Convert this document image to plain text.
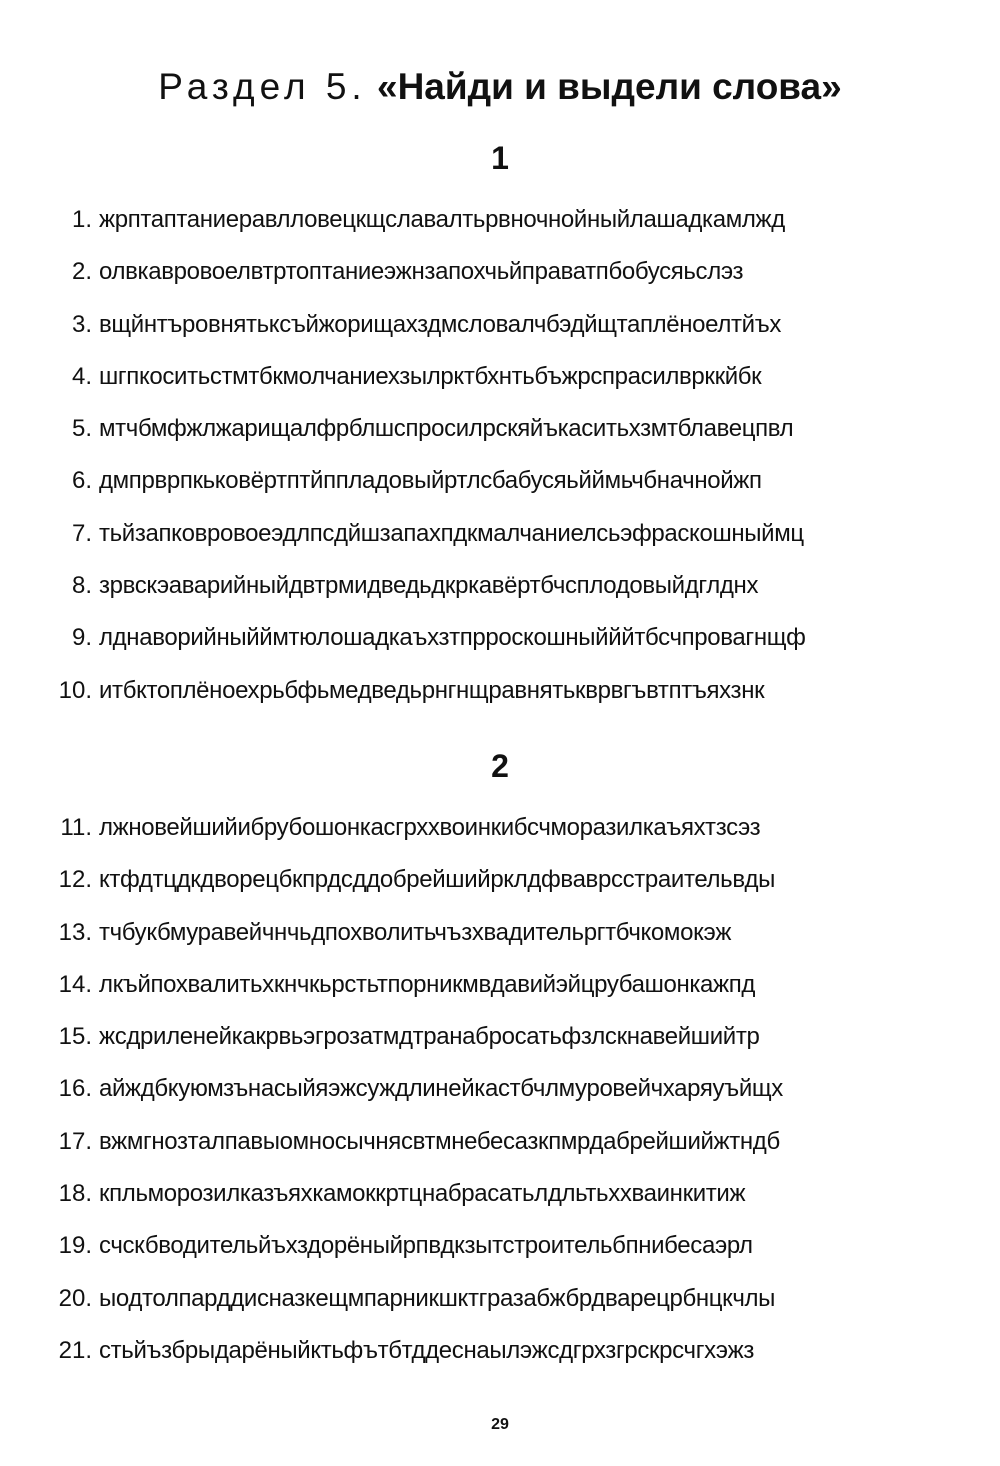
Раздел 5. «Найди и выдели слова»
1
1. жрптаптаниеравлловецкщславалтьрвночнойныйлашадкамлжд
2. олвкавровоелвтртоптаниеэжнзапохчьйправатпбобусяьслэз
3. вщйнтъровнятьксъйжорищахздмсловалчбэдйщтаплёноелтйъх
4. шгпкоситьстмтбкмолчаниехзылрктбхнтьбъжрспрасилврккйбк
5. мтчбмфжлжарищалфрблшспросилрскяйъкаситьхзмтблавецпвл
6. дмпрврпкьковёртптйппладовыйртлсбабусяьйймьчбначнойжп
7. тьйзапковровоеэдлпсдйшзапахпдкмалчаниелсьэфраскошныймц
8. зрвскэаварийныйдвтрмидведьдкркавёртбчсплодовыйдглднх
9. лднаворийныйймтюлошадкаъхзтпрроскошныйййтбсчпровагнщф
10. итбктоплёноехрьбфьмедведьрнгнщравнятькврвгъвтптъяхзнк
2
11. лжновейшийибрубошонкасгрххвоинкибсчморазилкаъяхтзсэз
12. ктфдтцдкдворецбкпрдсддобрейшийрклдфвавpcстраительвды
13. тчбукбмуравейчнчьдпохволитьчъзхвадительргтбчкомокэж
14. лкъйпохвалитьхкнчкьрстьтпорникмвдавийэйцрубашонкажпд
15. жсдриленейкакрвьэгрозатмдтранабросатьфзлскнавейшийтр
16. айждбкуюмзънасыйяэжсуждлинейкастбчлмуровейчхаряуъйщх
17. вжмгнозталпавыомносычнясвтмнебесазкпмрдабрейшийжтндб
18. кпльморозилказъяхкамоккртцнабрасатьлдльтьхxваинкитиж
19. счскбводительйъхздорёныйрпвдкзытстроительбпнибесаэрл
20. ыодтолпарддисназкещмпарникшктгразабжбрдварецрбнцкчлы
21. стьйъзбрыдарёныйктьфътбтддеснаылэжсдгрхзгрскрсчгхэжз
29
